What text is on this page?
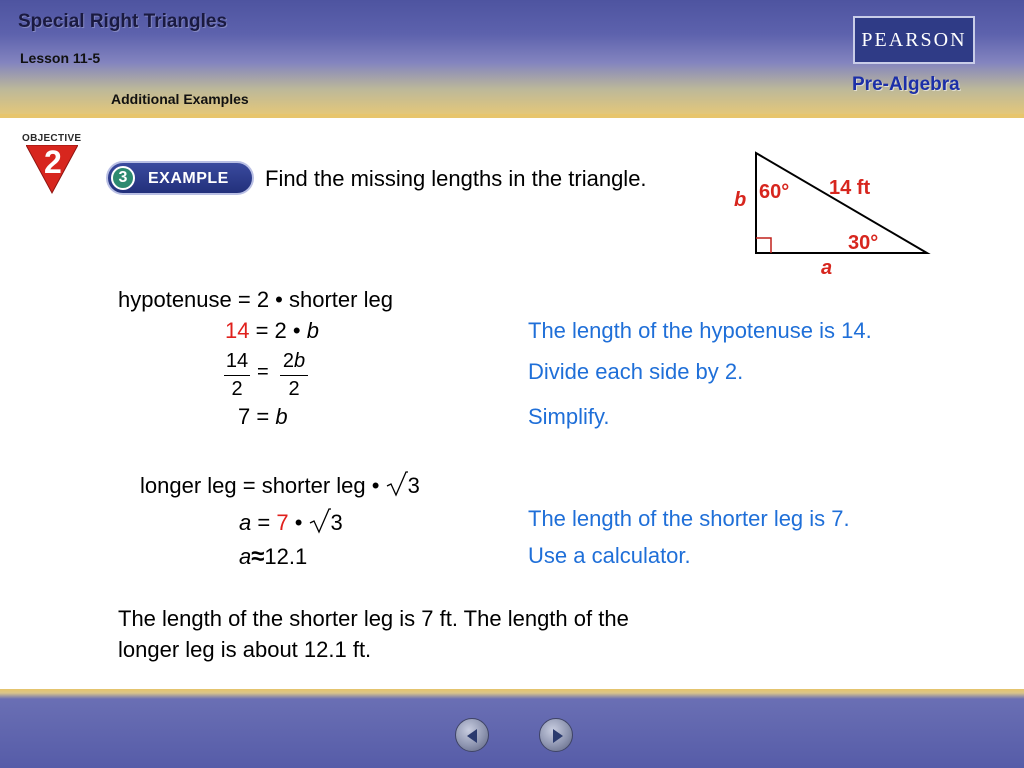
Special Right Triangles
Lesson 11-5
Additional Examples
PEARSON
Pre-Algebra
OBJECTIVE
2	3	EXAMPLE Find the missing lengths in the triangle.
b 60° 14 ft
30°
a
hypotenuse = 2 • shorter leg
14 = 2 • b
14
2
= 2b
2
7 = b
The length of the hypotenuse is 14.
Divide each side by 2.
Simplify.
longer leg = shorter leg • 3
a = 7 • 3
a≈12.1
The length of the shorter leg is 7.
Use a calculator.
The length of the shorter leg is 7 ft. The length of the
longer leg is about 12.1 ft.
